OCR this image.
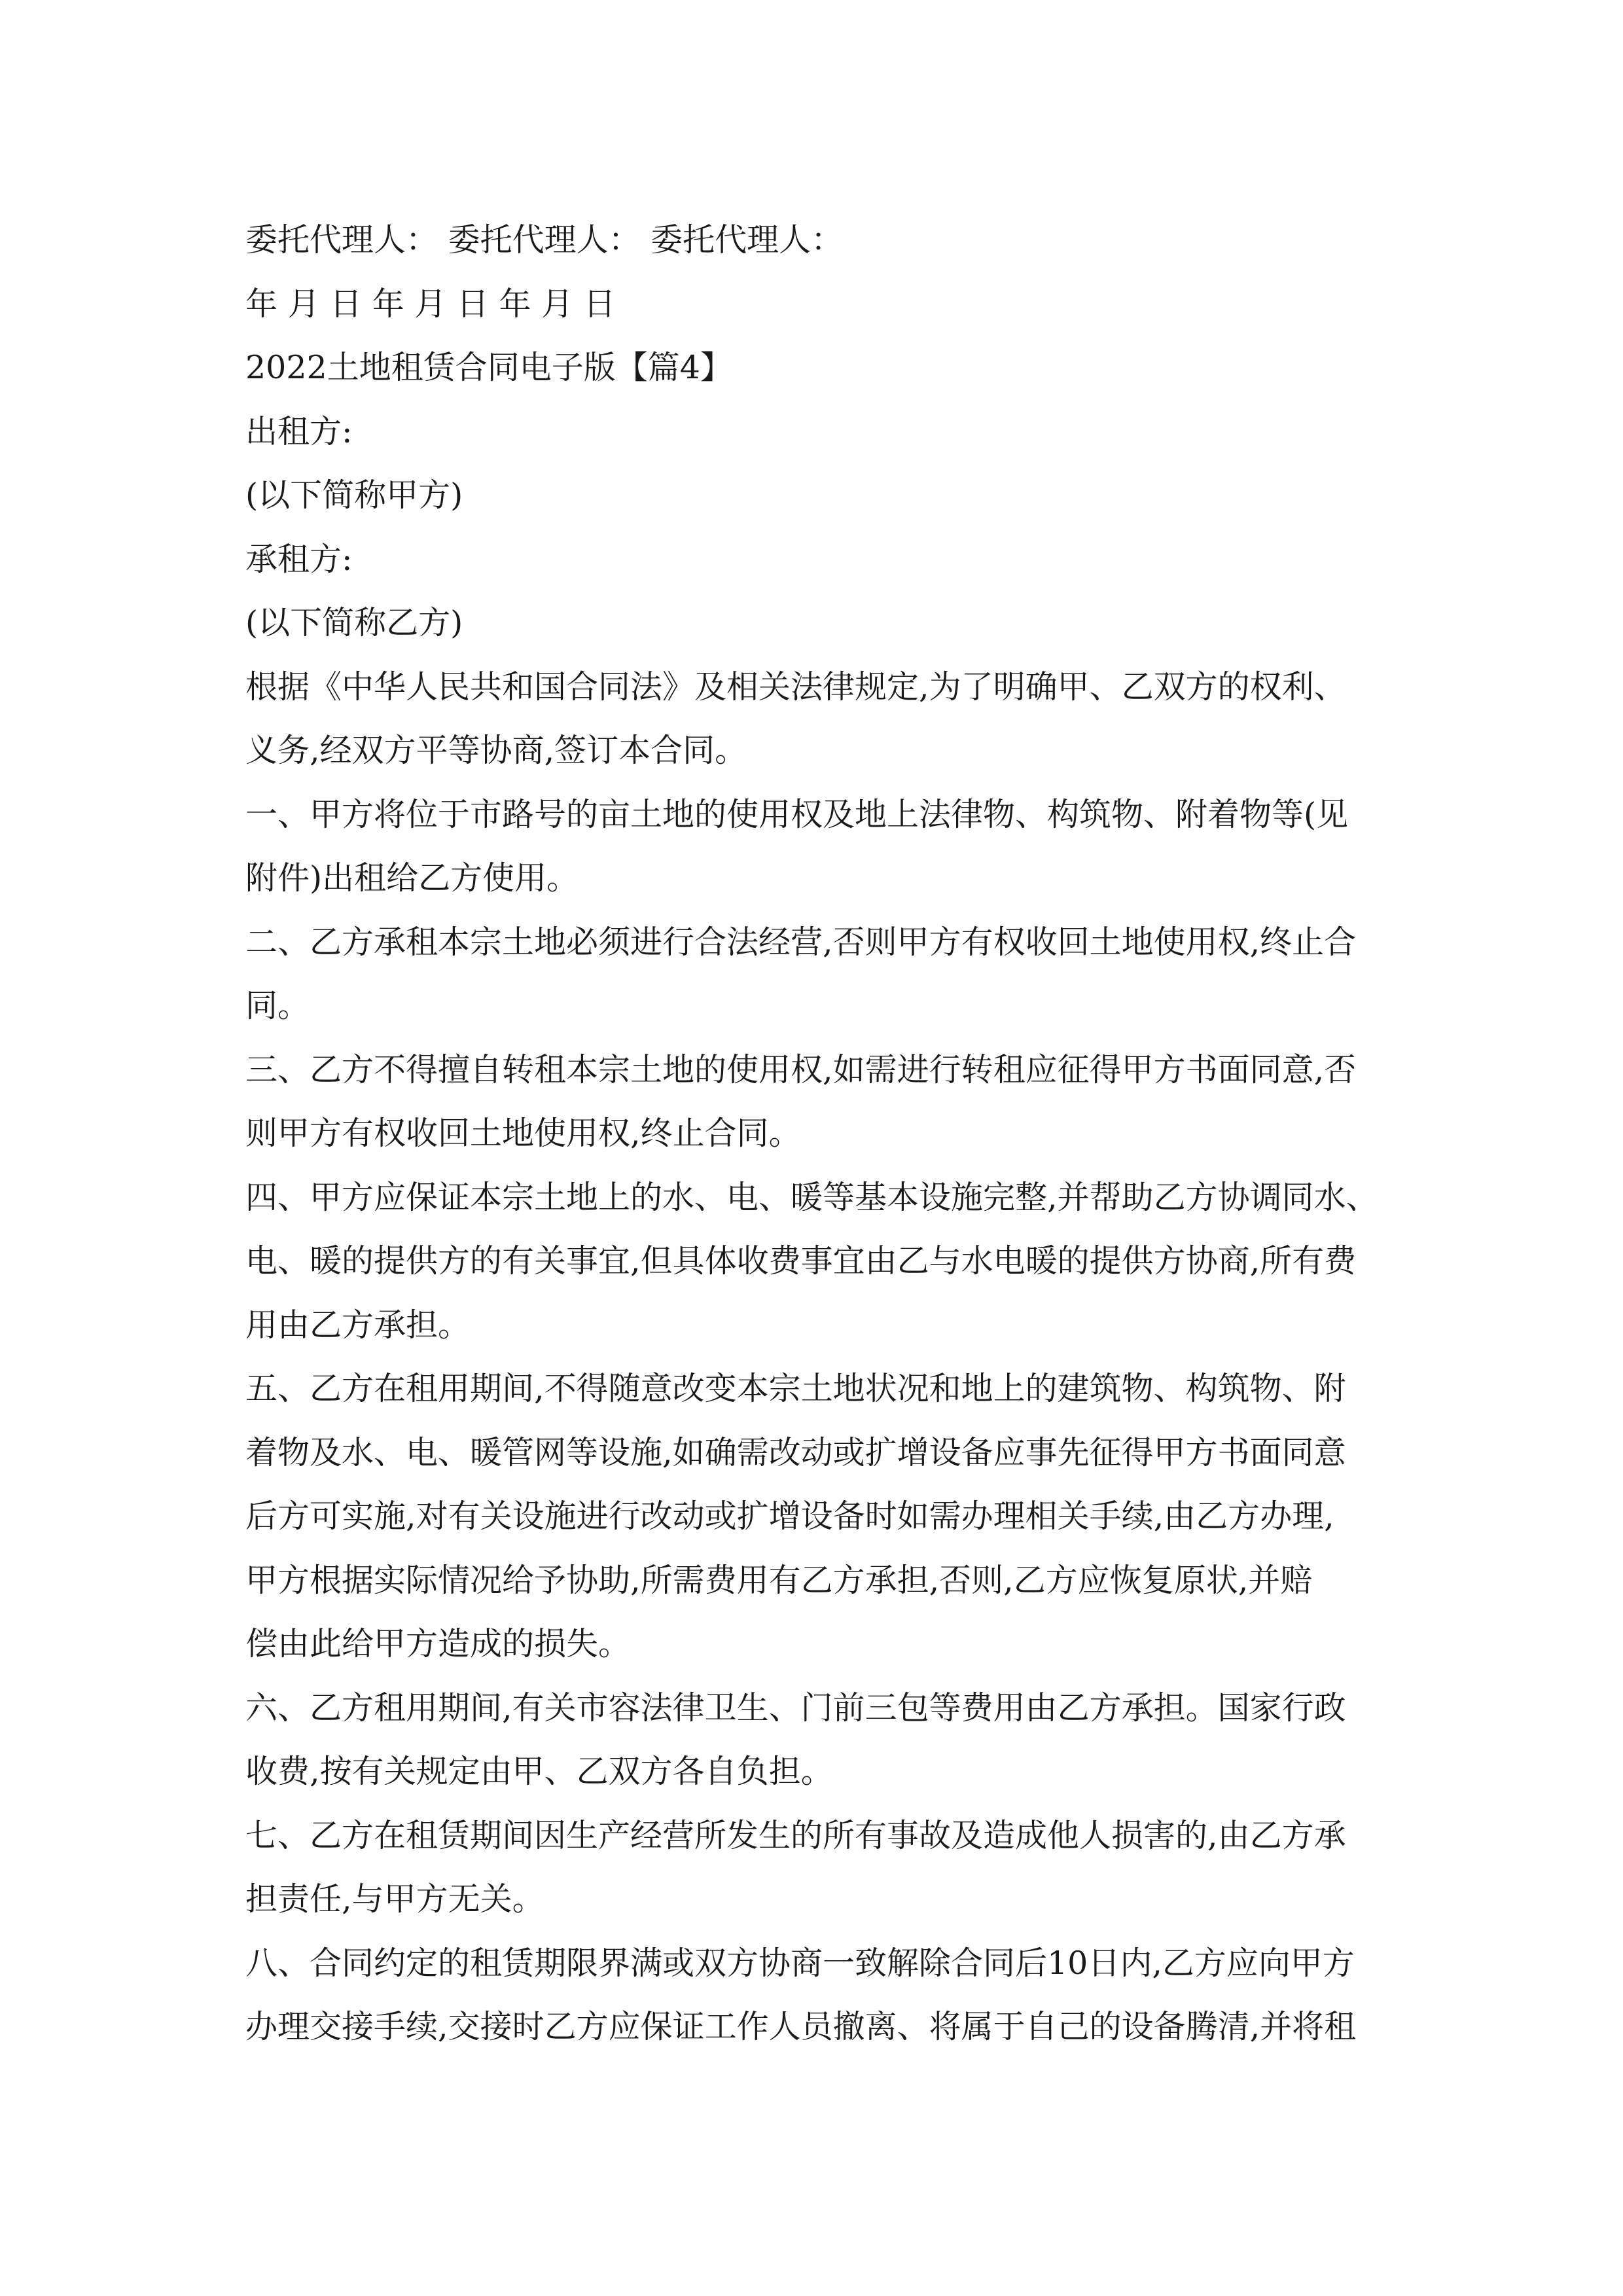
委托代理人： 委托代理人： 委托代理人：
年 月 日 年 月 日 年 月 日
2022土地租赁合同电子版【篇4】
出租方:
(以下简称甲方)
承租方:
(以下简称乙方)
根据《中华人民共和国合同法》及相关法律规定,为了明确甲、乙双方的权利、
义务,经双方平等协商,签订本合同。
一、甲方将位于市路号的亩土地的使用权及地上法律物、构筑物、附着物等(见
附件)出租给乙方使用。
二、乙方承租本宗土地必须进行合法经营,否则甲方有权收回土地使用权,终止合
同。
三、乙方不得擅自转租本宗土地的使用权,如需进行转租应征得甲方书面同意,否
则甲方有权收回土地使用权,终止合同。
四、甲方应保证本宗土地上的水、电、暖等基本设施完整,并帮助乙方协调同水、
电、暖的提供方的有关事宜,但具体收费事宜由乙与水电暖的提供方协商,所有费
用由乙方承担。
五、乙方在租用期间,不得随意改变本宗土地状况和地上的建筑物、构筑物、附
着物及水、电、暖管网等设施,如确需改动或扩增设备应事先征得甲方书面同意
后方可实施,对有关设施进行改动或扩增设备时如需办理相关手续,由乙方办理,
甲方根据实际情况给予协助,所需费用有乙方承担,否则,乙方应恢复原状,并赔
偿由此给甲方造成的损失。
六、乙方租用期间,有关市容法律卫生、门前三包等费用由乙方承担。国家行政
收费,按有关规定由甲、乙双方各自负担。
七、乙方在租赁期间因生产经营所发生的所有事故及造成他人损害的,由乙方承
担责任,与甲方无关。
八、合同约定的租赁期限界满或双方协商一致解除合同后10日内,乙方应向甲方
办理交接手续,交接时乙方应保证工作人员撤离、将属于自己的设备腾清,并将租
